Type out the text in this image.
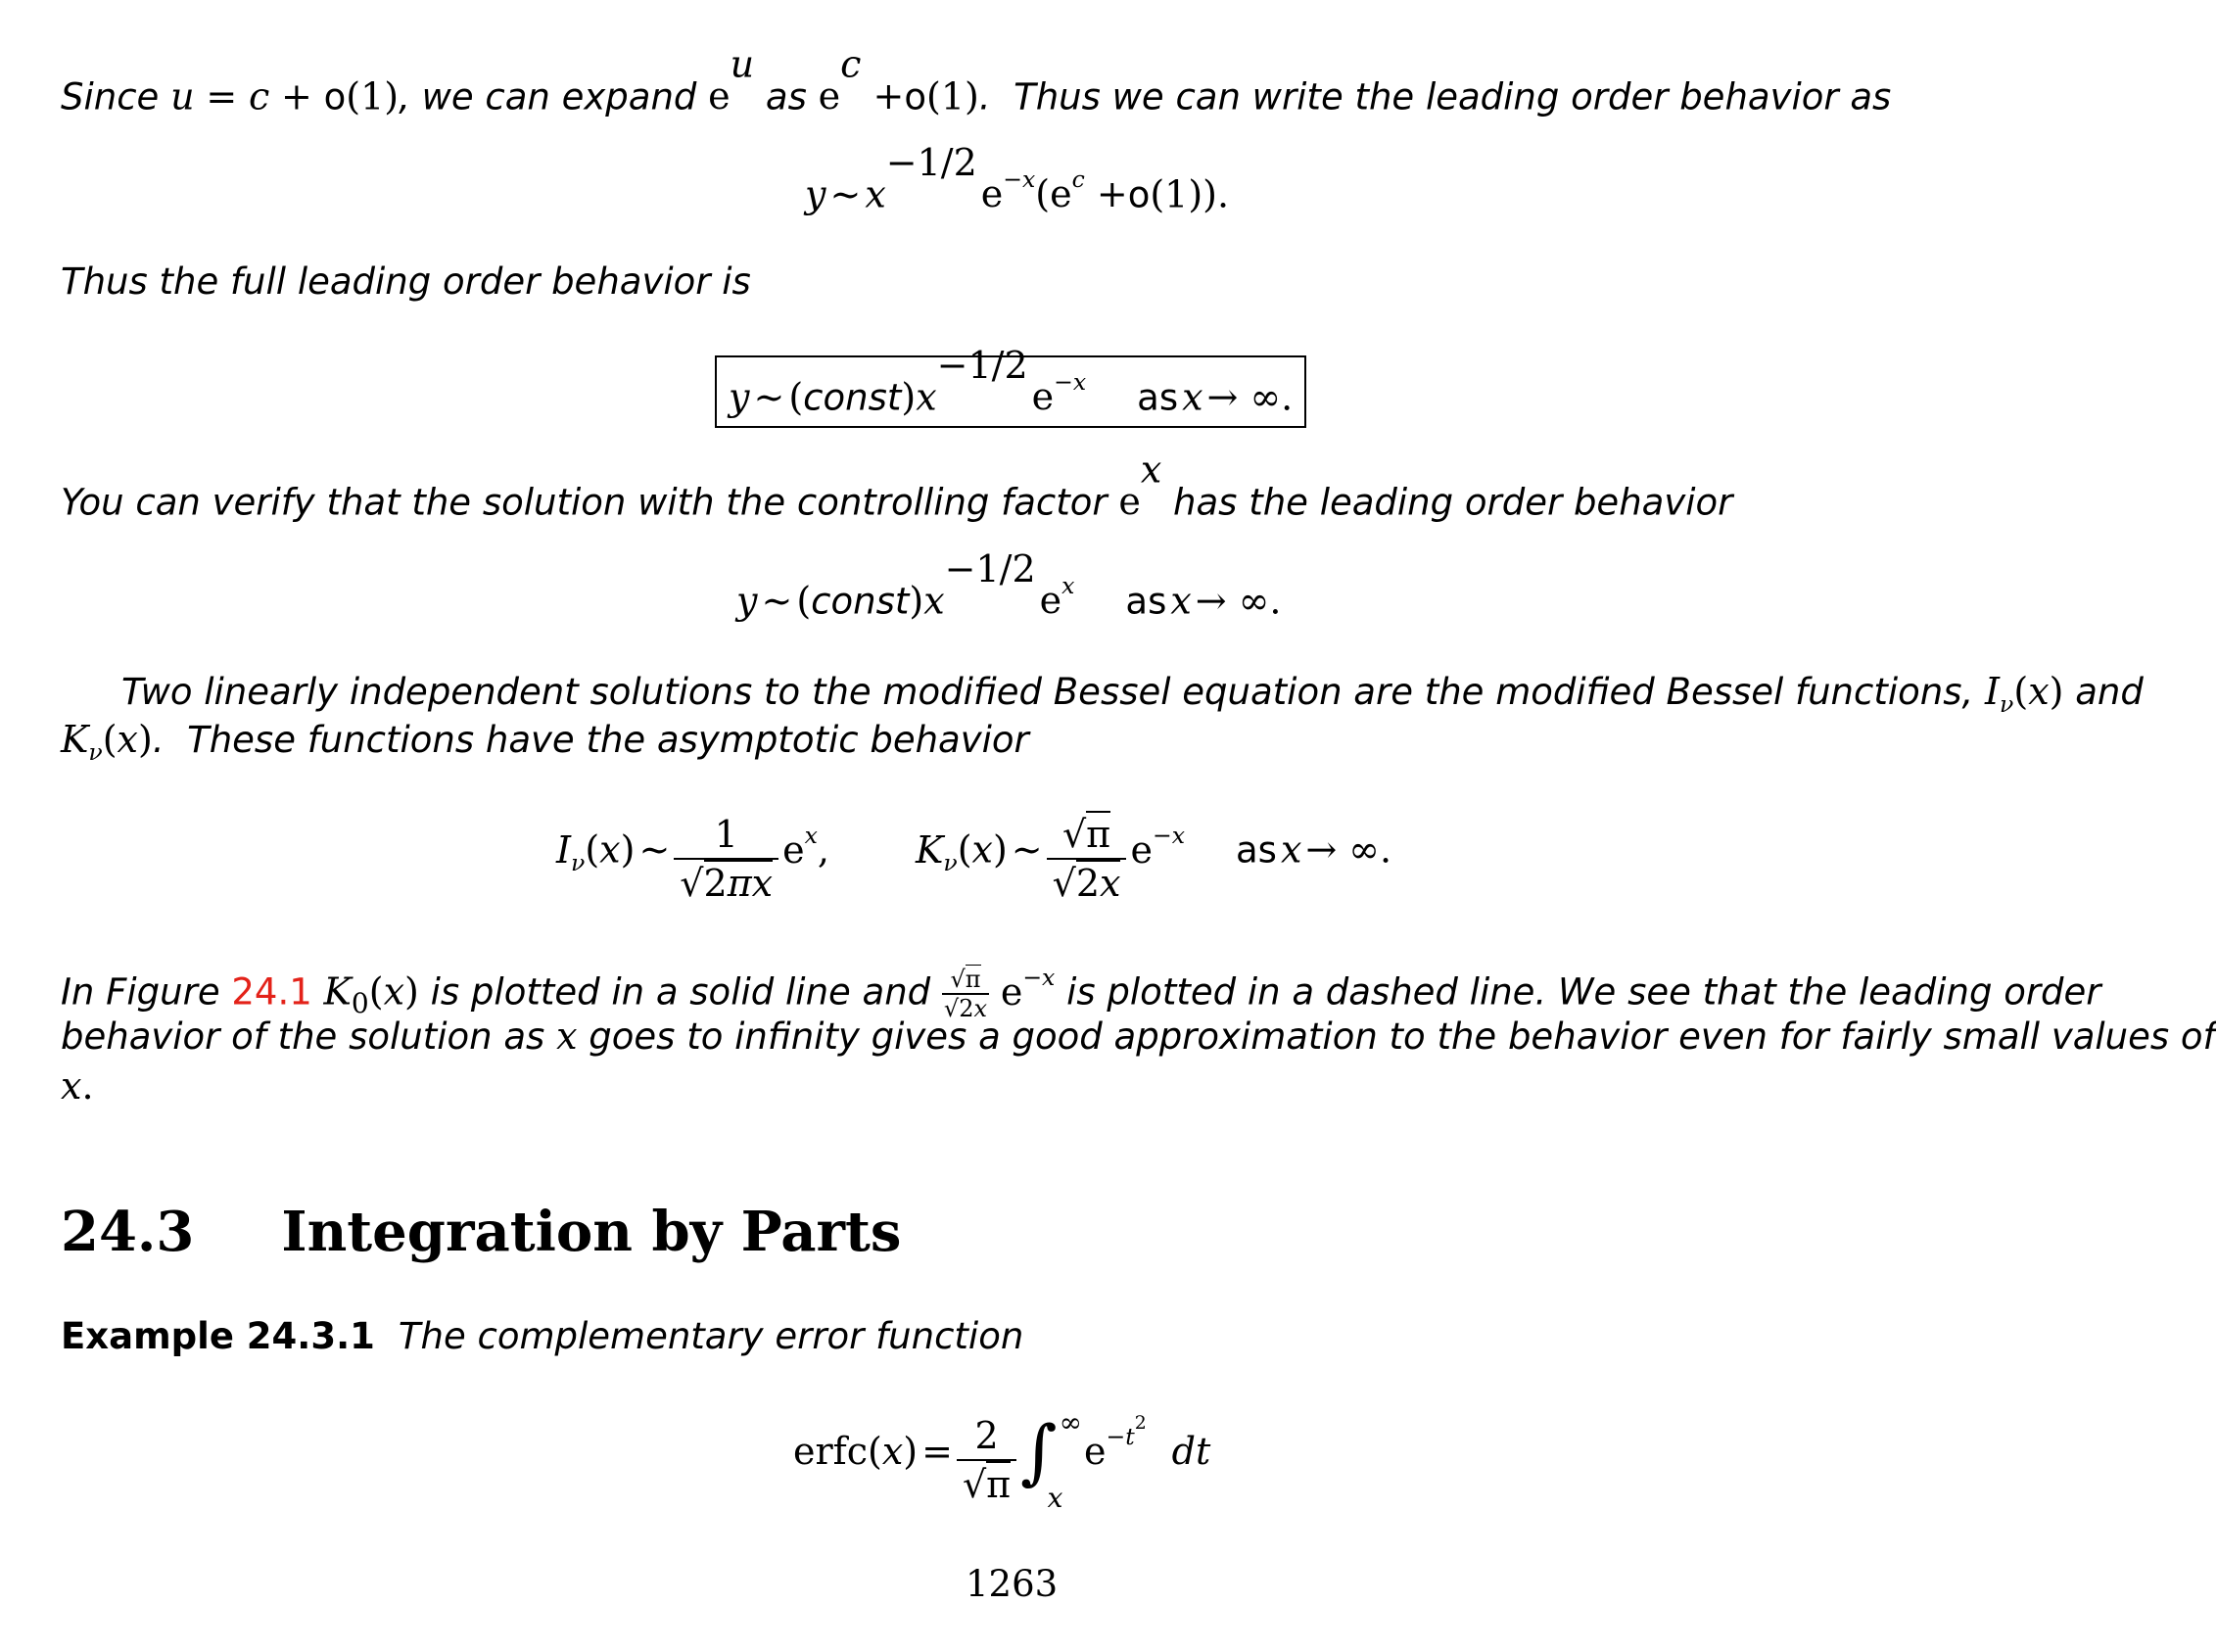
Since u = c + o(1), we can expand $e^u$ as $e^c +o(1)$.  Thus we can write the leading order behavior as
y ∼ $x^{-1/2}$ $e^{-x}(e^c +o(1))$.
Thus the full leading order behavior is
y ∼ $(const)x^{-1/2}$ $e^{-x}$ as x → ∞.
You can verify that the solution with the controlling factor $e^x$ has the leading order behavior
y ∼ $(const)x^{-1/2}$ $e^x$ as x → ∞.
Two linearly independent solutions to the modified Bessel equation are the modified Bessel functions, $I_\nu(x)$ and
$K_\nu(x)$.  These functions have the asymptotic behavior
$I_\nu(x)$ ∼ $\frac{1}{√2\pi x} e^x$, $K_\nu(x)$ ∼ $\frac{√\pi}{√2x} e^{-x}$ as x → ∞.
In Figure 24.1 $K_0(x)$ is plotted in a solid line and $\frac{√\pi}{√2x} e^{-x}$ is plotted in a dashed line. We see that the leading order
behavior of the solution as x goes to infinity gives a good approximation to the behavior even for fairly small values of
x.
24.3 Integration by Parts
Example 24.3.1 The complementary error function
erfc(x) = $\frac{2}{√\pi}$ ∫ ∞
x
$e^{-t^2}$  dt
1263
